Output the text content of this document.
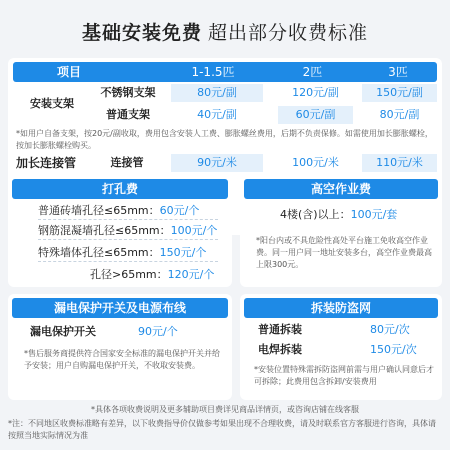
基础安装免费 超出部分收费标准
项目	1-1.5匹	2匹	3匹
安装支架
不锈钢支架	80元/副	120元/副	150元/副
普通支架	40元/副	60元/副	80元/副
*如用户自备支架，按20元/副收取，费用包含安装人工费、膨胀螺丝费用，后期不负责保修。如需使用加长膨胀螺栓，按加长膨胀螺栓购买。
加长连接管	连接管	90元/米	100元/米	110元/米
打孔费
普通砖墙孔径≤65mm：60元/个
钢筋混凝墙孔径≤65mm：100元/个
特殊墙体孔径≤65mm：150元/个
孔径>65mm：120元/个
高空作业费
4楼(含)以上：100元/套
*阳台内或不具危险性高处平台施工免收高空作业费。同一用户同一地址安装多台，高空作业费最高上限300元。
漏电保护开关及电源布线
漏电保护开关	90元/个
*售后服务商提供符合国家安全标准的漏电保护开关并给予安装；用户自购漏电保护开关，不收取安装费。
拆装防盗网
普通拆装	80元/次
电焊拆装	150元/次
*安装位置特殊需拆防盗网前需与用户确认同意后才可拆除；此费用包含拆卸/安装费用
*具体各项收费说明及更多辅助项目费详见商品详情页，或咨询店铺在线客服
*注：不同地区收费标准略有差异，以下收费指导价仅做参考如果出现不合理收费，请及时联系官方客服进行咨询，具体请按照当地实际情况为准
